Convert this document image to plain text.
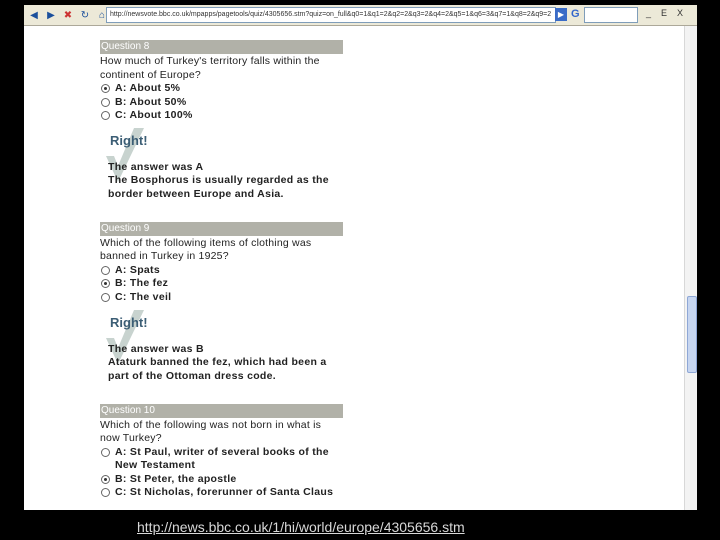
◀ ▶ ✖ ↻ ⌂ http://newsvote.bbc.co.uk/mpapps/pagetools/quiz/4305656.stm?quiz=on_full&q0=1&q1=2&q2=2&q3=2&q4=2&q5=1&q6=3&q7=1&q8=2&q9=2 ▶ G	_ E X
Question 8
How much of Turkey's territory falls within the continent of Europe?
A: About 5%
B: About 50%
C: About 100%
Right!
The answer was A
The Bosphorus is usually regarded as the border between Europe and Asia.
Question 9
Which of the following items of clothing was banned in Turkey in 1925?
A: Spats
B: The fez
C: The veil
Right!
The answer was B
Ataturk banned the fez, which had been a part of the Ottoman dress code.
Question 10
Which of the following was not born in what is now Turkey?
A: St Paul, writer of several books of the New Testament
B: St Peter, the apostle
C: St Nicholas, forerunner of Santa Claus
http://news.bbc.co.uk/1/hi/world/europe/4305656.stm
